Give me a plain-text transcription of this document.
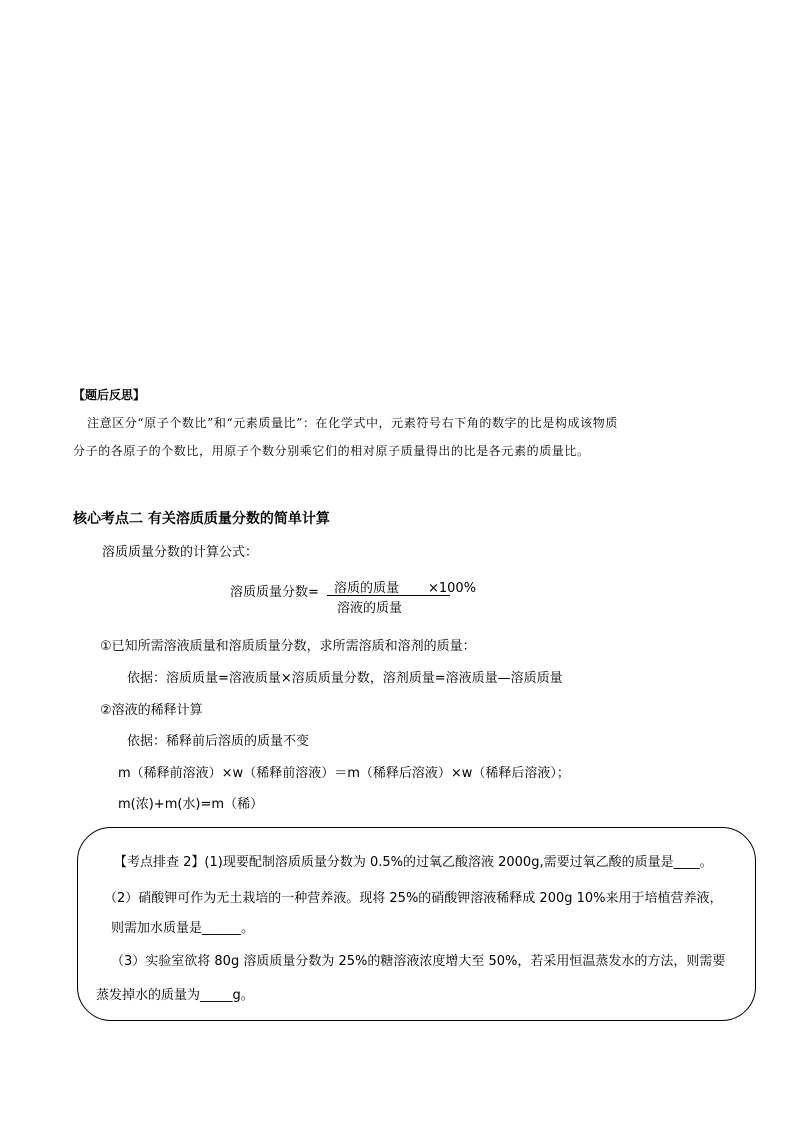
【题后反思】
注意区分“原子个数比”和“元素质量比”：在化学式中，元素符号右下角的数字的比是构成该物质
分子的各原子的个数比，用原子个数分别乘它们的相对原子质量得出的比是各元素的质量比。
核心考点二 有关溶质质量分数的简单计算
溶质质量分数的计算公式：
溶质质量分数= 溶质的质量
溶液的质量
×100%
①已知所需溶液质量和溶质质量分数，求所需溶质和溶剂的质量：
依据：溶质质量=溶液质量×溶质质量分数，溶剂质量=溶液质量—溶质质量
②溶液的稀释计算
依据：稀释前后溶质的质量不变
m（稀释前溶液）×w（稀释前溶液）＝m（稀释后溶液）×w（稀释后溶液）；
m(浓)+m(水)=m（稀）
【考点排查 2】(1)现要配制溶质质量分数为 0.5%的过氧乙酸溶液 2000g,需要过氧乙酸的质量是____。
（2）硝酸钾可作为无土栽培的一种营养液。现将 25%的硝酸钾溶液稀释成 200g 10%来用于培植营养液，
则需加水质量是______。
（3）实验室欲将 80g 溶质质量分数为 25%的糖溶液浓度增大至 50%，若采用恒温蒸发水的方法，则需要
蒸发掉水的质量为_____g。
